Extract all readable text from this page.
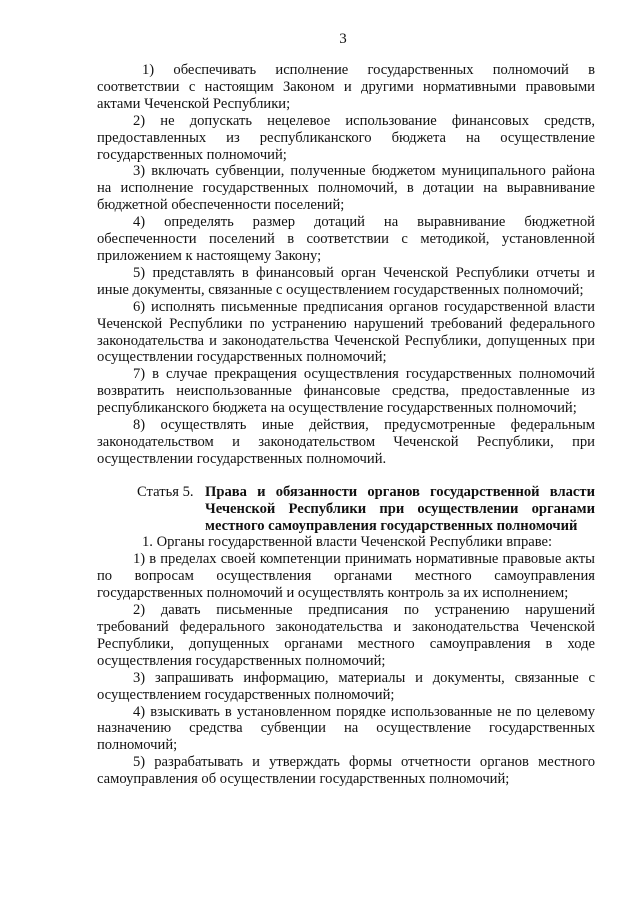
3

1) обеспечивать исполнение государственных полномочий в соответствии с настоящим Законом и другими нормативными правовыми актами Чеченской Республики;

2) не допускать нецелевое использование финансовых средств, предоставленных из республиканского бюджета на осуществление государственных полномочий;

3) включать субвенции, полученные бюджетом муниципального района на исполнение государственных полномочий, в дотации на выравнивание бюджетной обеспеченности поселений;

4) определять размер дотаций на выравнивание бюджетной обеспеченности поселений в соответствии с методикой, установленной приложением к настоящему Закону;

5) представлять в финансовый орган Чеченской Республики отчеты и иные документы, связанные с осуществлением государственных полномочий;

6) исполнять письменные предписания органов государственной власти Чеченской Республики по устранению нарушений требований федерального законодательства и законодательства Чеченской Республики, допущенных при осуществлении государственных полномочий;

7) в случае прекращения осуществления государственных полномочий возвратить неиспользованные финансовые средства, предоставленные из республиканского бюджета на осуществление государственных полномочий;

8) осуществлять иные действия, предусмотренные федеральным законодательством и законодательством Чеченской Республики, при осуществлении государственных полномочий.

Статья 5. Права и обязанности органов государственной власти Чеченской Республики при осуществлении органами местного самоуправления государственных полномочий

1. Органы государственной власти Чеченской Республики вправе:

1) в пределах своей компетенции принимать нормативные правовые акты по вопросам осуществления органами местного самоуправления государственных полномочий и осуществлять контроль за их исполнением;

2) давать письменные предписания по устранению нарушений требований федерального законодательства и законодательства Чеченской Республики, допущенных органами местного самоуправления в ходе осуществления государственных полномочий;

3) запрашивать информацию, материалы и документы, связанные с осуществлением государственных полномочий;

4) взыскивать в установленном порядке использованные не по целевому назначению средства субвенции на осуществление государственных полномочий;

5) разрабатывать и утверждать формы отчетности органов местного самоуправления об осуществлении государственных полномочий;
